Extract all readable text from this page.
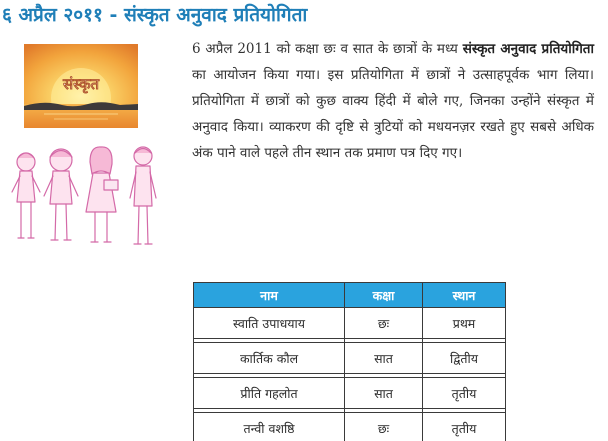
६ अप्रैल २०११ - संस्कृत अनुवाद प्रतियोगिता
संस्कृत
6 अप्रैल 2011 को कक्षा छः व सात के छात्रों के मध्य संस्कृत अनुवाद प्रतियोगिता का आयोजन किया गया। इस प्रतियोगिता में छात्रों ने उत्साहपूर्वक भाग लिया। प्रतियोगिता में छात्रों को कुछ वाक्य हिंदी में बोले गए, जिनका उन्होंने संस्कृत में अनुवाद किया। व्याकरण की दृष्टि से त्रुटियों को मधयनज़र रखते हुए सबसे अधिक अंक पाने वाले पहले तीन स्थान तक प्रमाण पत्र दिए गए।
नाम	कक्षा	स्थान
स्वाति उपाधयाय	छः	प्रथम

कार्तिक कौल	सात	द्वितीय

प्रीति गहलोत	सात	तृतीय

तन्वी वशष्ठि	छः	तृतीय
